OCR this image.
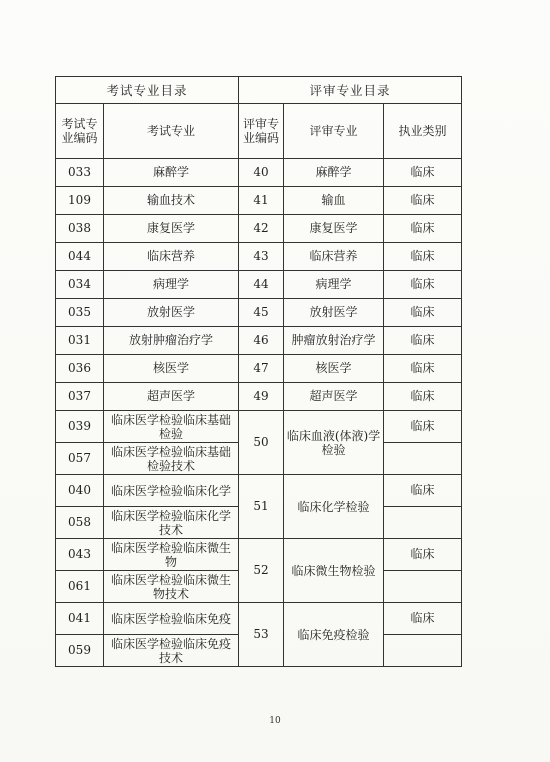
考试专业目录		评审专业目录		

考试专业编码	考试专业	评审专业编码	评审专业	执业类别
033	麻醉学	40	麻醉学	临床
109	输血技术	41	输血	临床
038	康复医学	42	康复医学	临床
044	临床营养	43	临床营养	临床
034	病理学	44	病理学	临床
035	放射医学	45	放射医学	临床
031	放射肿瘤治疗学	46	肿瘤放射治疗学	临床
036	核医学	47	核医学	临床
037	超声医学	49	超声医学	临床
039	临床医学检验临床基础检验	50	临床血液(体液)学检验	临床
057	临床医学检验临床基础检验技术			

040	临床医学检验临床化学	51	临床化学检验	临床
058	临床医学检验临床化学技术			

043	临床医学检验临床微生物	52	临床微生物检验	临床
061	临床医学检验临床微生物技术			

041	临床医学检验临床免疫	53	临床免疫检验	临床
059	临床医学检验临床免疫技术			

10
